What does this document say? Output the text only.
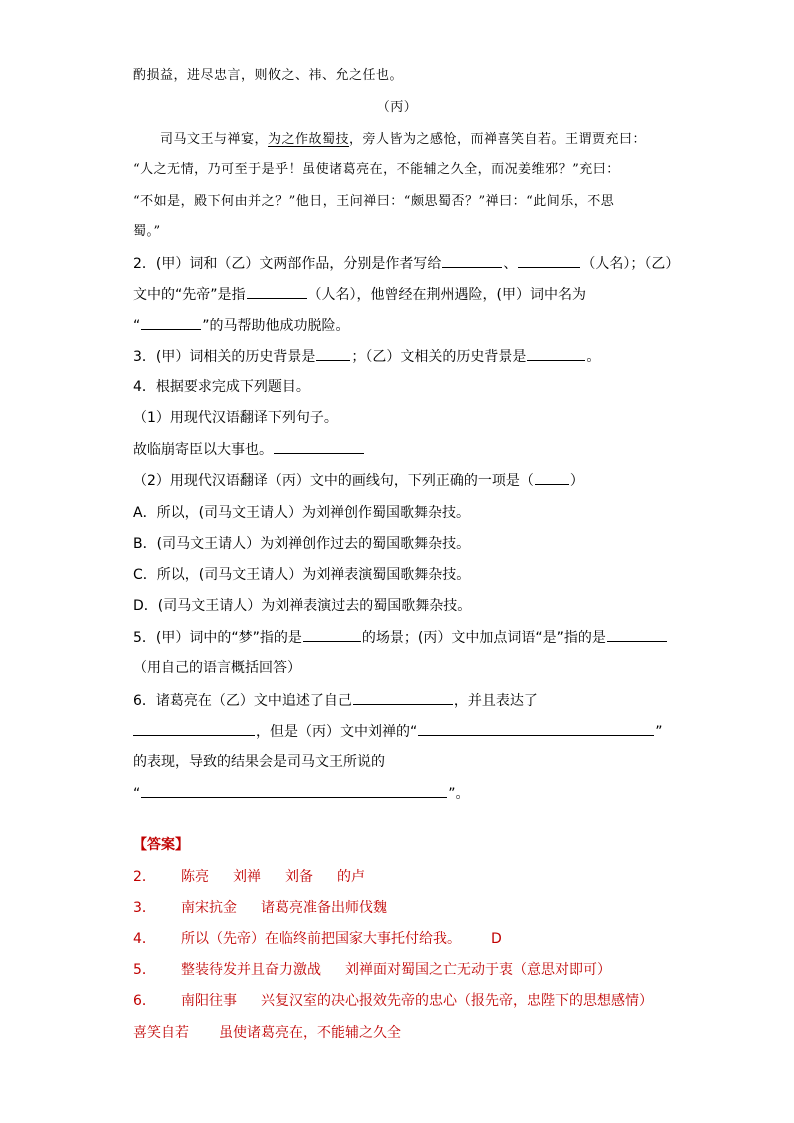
酌损益，进尽忠言，则攸之、祎、允之任也。
（丙）
司马文王与禅宴，为之作故蜀技，旁人皆为之感怆，而禅喜笑自若。王谓贾充曰：
“人之无情，乃可至于是乎！虽使诸葛亮在，不能辅之久全，而况姜维邪？”充曰：
“不如是，殿下何由并之？”他日，王问禅曰：“颇思蜀否？”禅曰：“此间乐，不思
蜀。”
2．(甲）词和（乙）文两部作品，分别是作者写给	、	（人名）；（乙）
文中的“先帝”是指	（人名），他曾经在荆州遇险，(甲）词中名为
“	”的马帮助他成功脱险。
3．(甲）词相关的历史背景是	；（乙）文相关的历史背景是	。
4．根据要求完成下列题目。
（1）用现代汉语翻译下列句子。
故临崩寄臣以大事也。
（2）用现代汉语翻译（丙）文中的画线句，下列正确的一项是（	）
A．所以，(司马文王请人）为刘禅创作蜀国歌舞杂技。
B．(司马文王请人）为刘禅创作过去的蜀国歌舞杂技。
C．所以，(司马文王请人）为刘禅表演蜀国歌舞杂技。
D．(司马文王请人）为刘禅表演过去的蜀国歌舞杂技。
5．(甲）词中的“梦”指的是	的场景；(丙）文中加点词语“是”指的是
（用自己的语言概括回答）
6．诸葛亮在（乙）文中追述了自己	，并且表达了
，但是（丙）文中刘禅的“	”
的表现，导致的结果会是司马文王所说的
“	”。
【答案】
2． 陈亮 刘禅 刘备 的卢
3． 南宋抗金 诸葛亮准备出师伐魏
4． 所以（先帝）在临终前把国家大事托付给我。 D
5． 整装待发并且奋力激战 刘禅面对蜀国之亡无动于衷（意思对即可）
6． 南阳往事 兴复汉室的决心报效先帝的忠心（报先帝，忠陛下的思想感情）
喜笑自若 虽使诸葛亮在，不能辅之久全
